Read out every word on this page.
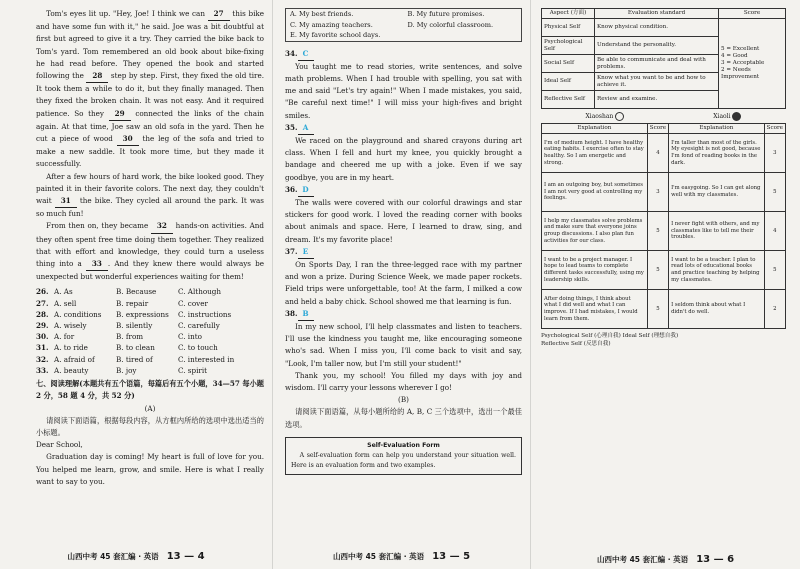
Tom's eyes lit up. "Hey, Joe! I think we can 27 this bike and have some fun with it," he said. Joe was a bit doubtful at first but agreed to give it a try. They carried the bike back to Tom's yard. Tom remembered an old book about bike-fixing he had read before. They opened the book and started following the 28 step by step. First, they fixed the old tire. It took them a while to do it, but they finally managed. Then they fixed the broken chain. It was not easy. And it required patience. So they 29 connected the links of the chain again. At that time, Joe saw an old sofa in the yard. Then he cut a piece of wood 30 the leg of the sofa and tried to make a new saddle. It took more time, but they made it successfully.

After a few hours of hard work, the bike looked good. They painted it in their favorite colors. The next day, they couldn't wait 31 the bike. They cycled all around the park. It was so much fun!

From then on, they became 32 hands-on activities. And they often spent free time doing them together. They realized that with effort and knowledge, they could turn a useless thing into a 33 . And they knew there would always be unexpected but wonderful experiences waiting for them!

26. A. As	B. Because	C. Although
27. A. sell	B. repair	C. cover
28. A. conditions	B. expressions	C. instructions
29. A. wisely	B. silently	C. carefully
30. A. for	B. from	C. into
31. A. to ride	B. to clean	C. to touch
32. A. afraid of	B. tired of	C. interested in
33. A. beauty	B. joy	C. spirit

七、阅读理解(本题共有五个语篇，每篇后有五个小题，34—57 每小题 2 分，58 题 4 分，共 52 分)

(A)

请阅读下面语篇，根据每段内容，从方框内所给的选项中选出适当的小标题。

Dear School,

Graduation day is coming! My heart is full of love for you. You helped me learn, grow, and smile. Here is what I really want to say to you.

山西中考 45 套汇编 · 英语 13 — 4
A. My best friends.	B. My future promises.
C. My amazing teachers.	D. My colorful classroom.
E. My favorite school days.

34. C

You taught me to read stories, write sentences, and solve math problems. When I had trouble with spelling, you sat with me and said "Let's try again!" When I made mistakes, you said, "Be careful next time!" I will miss your high-fives and bright smiles.

35. A

We raced on the playground and shared crayons during art class. When I fell and hurt my knee, you quickly brought a bandage and cheered me up with a joke. Even if we say goodbye, you are in my heart.

36. D

The walls were covered with our colorful drawings and star stickers for good work. I loved the reading corner with books about animals and space. Here, I learned to draw, sing, and dream. It's my favorite place!

37. E

On Sports Day, I ran the three-legged race with my partner and won a prize. During Science Week, we made paper rockets. Field trips were unforgettable, too! At the farm, I milked a cow and held a baby chick. School showed me that learning is fun.

38. B

In my new school, I'll help classmates and listen to teachers. I'll use the kindness you taught me, like encouraging someone who's sad. When I miss you, I'll come back to visit and say, "Look, I'm taller now, but I'm still your student!"

Thank you, my school! You filled my days with joy and wisdom. I'll carry your lessons wherever I go!

(B)

请阅读下面语篇，从每小题所给的 A, B, C 三个选项中，选出一个最佳选项。

Self-Evaluation Form

A self-evaluation form can help you understand your situation well. Here is an evaluation form and two examples.

山西中考 45 套汇编 · 英语 13 — 5
Aspect (方面)	Evaluation standard	Score
Physical Self	Know physical condition.	5 = Excellent
4 = Good
3 = Acceptable
2 = Needs Improvement

Psychological Self	Understand the personality.	
Social Self	Be able to communicate and deal with problems.	
Ideal Self	Know what you want to be and how to achieve it.	
Reflective Self	Review and examine.	
Xiaoshan	Xiaoli
Explanation	Score	Explanation	Score
I'm of medium height. I have healthy eating habits. I exercise often to stay healthy. So I am energetic and strong.	4	I'm taller than most of the girls. My eyesight is not good, because I'm fond of reading books in the dark.	3
I am an outgoing boy, but sometimes I am not very good at controlling my feelings.	3	I'm easygoing. So I can get along well with my classmates.	5
I help my classmates solve problems and make sure that everyone joins group discussions. I also plan fun activities for our class.	5	I never fight with others, and my classmates like to tell me their troubles.	4
I want to be a project manager. I hope to lead teams to complete different tasks successfully, using my leadership skills.	5	I want to be a teacher. I plan to read lots of educational books and practice teaching by helping my classmates.	5
After doing things, I think about what I did well and what I can improve. If I had mistakes, I would learn from them.	5	I seldom think about what I didn't do well.	2
Psychological Self (心理自我) Ideal Self (理想自我)
Reflective Self (反思自我)
山西中考 45 套汇编 · 英语 13 — 6
